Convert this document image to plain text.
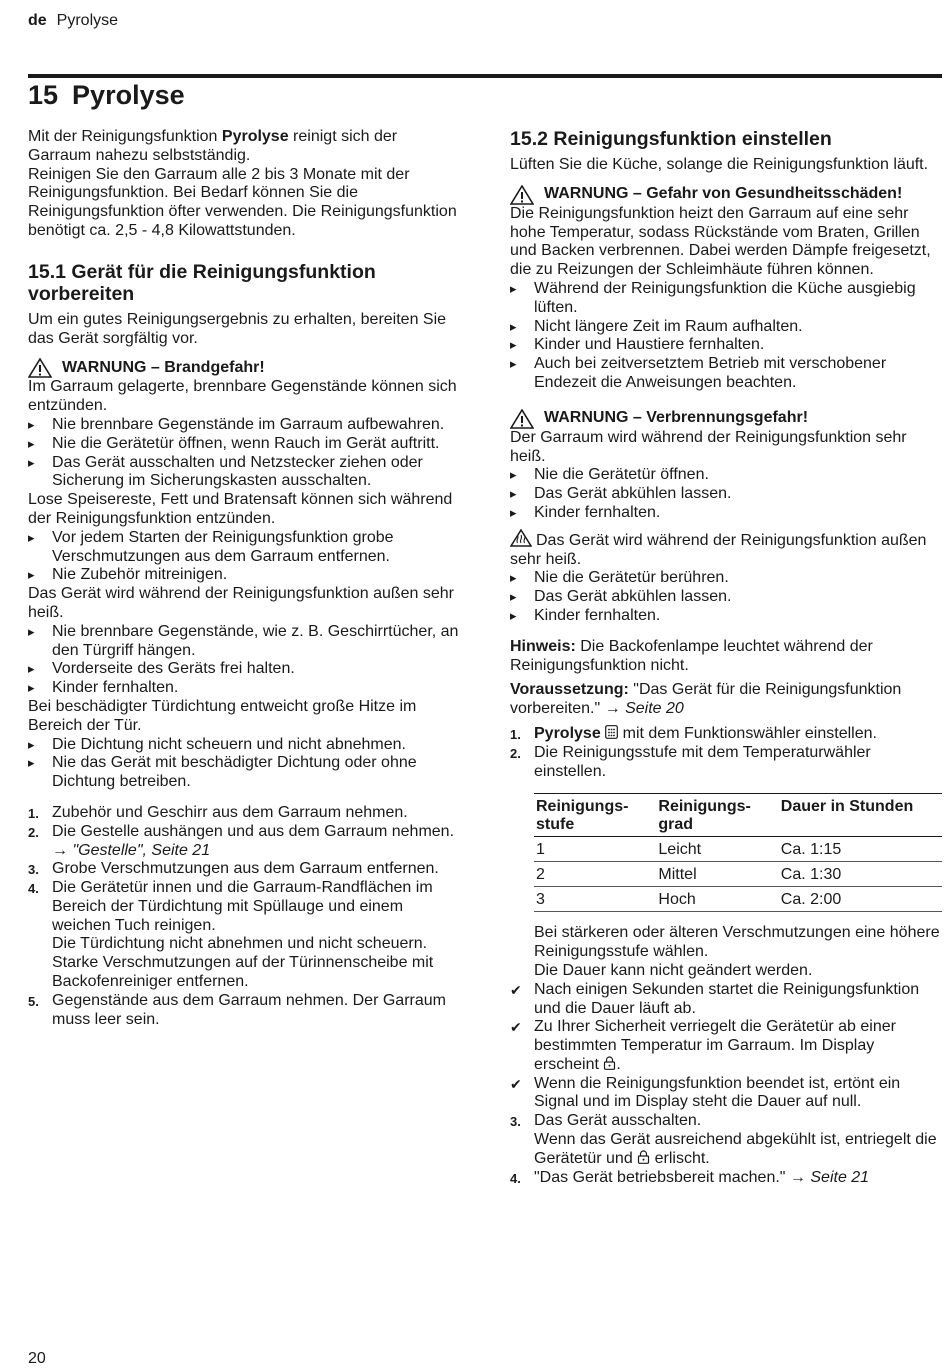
de Pyrolyse
15 Pyrolyse

Mit der Reinigungsfunktion Pyrolyse reinigt sich der Garraum nahezu selbstständig.

Reinigen Sie den Garraum alle 2 bis 3 Monate mit der Reinigungsfunktion. Bei Bedarf können Sie die Reinigungsfunktion öfter verwenden. Die Reinigungsfunktion benötigt ca. 2,5 - 4,8 Kilowattstunden.

15.1 Gerät für die Reinigungsfunktion vorbereiten

Um ein gutes Reinigungsergebnis zu erhalten, bereiten Sie das Gerät sorgfältig vor.

WARNUNG – Brandgefahr!

Im Garraum gelagerte, brennbare Gegenstände können sich entzünden.

▸ Nie brennbare Gegenstände im Garraum aufbewahren.
▸ Nie die Gerätetür öffnen, wenn Rauch im Gerät auftritt.
▸ Das Gerät ausschalten und Netzstecker ziehen oder Sicherung im Sicherungskasten ausschalten.

Lose Speisereste, Fett und Bratensaft können sich während der Reinigungsfunktion entzünden.

▸ Vor jedem Starten der Reinigungsfunktion grobe Verschmutzungen aus dem Garraum entfernen.
▸ Nie Zubehör mitreinigen.

Das Gerät wird während der Reinigungsfunktion außen sehr heiß.

▸ Nie brennbare Gegenstände, wie z. B. Geschirrtücher, an den Türgriff hängen.
▸ Vorderseite des Geräts frei halten.
▸ Kinder fernhalten.

Bei beschädigter Türdichtung entweicht große Hitze im Bereich der Tür.

▸ Die Dichtung nicht scheuern und nicht abnehmen.
▸ Nie das Gerät mit beschädigter Dichtung oder ohne Dichtung betreiben.
1. Zubehör und Geschirr aus dem Garraum nehmen.
2. Die Gestelle aushängen und aus dem Garraum nehmen.
→ "Gestelle", Seite 21
3. Grobe Verschmutzungen aus dem Garraum entfernen.
4. Die Gerätetür innen und die Garraum-Randflächen im Bereich der Türdichtung mit Spüllauge und einem weichen Tuch reinigen.
Die Türdichtung nicht abnehmen und nicht scheuern.
Starke Verschmutzungen auf der Türinnenscheibe mit Backofenreiniger entfernen.
5. Gegenstände aus dem Garraum nehmen. Der Garraum muss leer sein.
15.2 Reinigungsfunktion einstellen

Lüften Sie die Küche, solange die Reinigungsfunktion läuft.

WARNUNG – Gefahr von Gesundheitsschäden!

Die Reinigungsfunktion heizt den Garraum auf eine sehr hohe Temperatur, sodass Rückstände vom Braten, Grillen und Backen verbrennen. Dabei werden Dämpfe freigesetzt, die zu Reizungen der Schleimhäute führen können.

▸ Während der Reinigungsfunktion die Küche ausgiebig lüften.
▸ Nicht längere Zeit im Raum aufhalten.
▸ Kinder und Haustiere fernhalten.
▸ Auch bei zeitversetztem Betrieb mit verschobener Endezeit die Anweisungen beachten.
WARNUNG – Verbrennungsgefahr!

Der Garraum wird während der Reinigungsfunktion sehr heiß.

▸ Nie die Gerätetür öffnen.
▸ Das Gerät abkühlen lassen.
▸ Kinder fernhalten.

Das Gerät wird während der Reinigungsfunktion außen sehr heiß.

▸ Nie die Gerätetür berühren.
▸ Das Gerät abkühlen lassen.
▸ Kinder fernhalten.

Hinweis: Die Backofenlampe leuchtet während der Reinigungsfunktion nicht.

Voraussetzung: "Das Gerät für die Reinigungsfunktion vorbereiten." → Seite 20

1. Pyrolyse  mit dem Funktionswähler einstellen.
2. Die Reinigungsstufe mit dem Temperaturwähler einstellen.
Reinigungsstufe	Reinigungsgrad	Dauer in Stunden
1	Leicht	Ca. 1:15
2	Mittel	Ca. 1:30
3	Hoch	Ca. 2:00

Bei stärkeren oder älteren Verschmutzungen eine höhere Reinigungsstufe wählen.

Die Dauer kann nicht geändert werden.

✔ Nach einigen Sekunden startet die Reinigungsfunktion und die Dauer läuft ab.
✔ Zu Ihrer Sicherheit verriegelt die Gerätetür ab einer bestimmten Temperatur im Garraum. Im Display erscheint .
✔ Wenn die Reinigungsfunktion beendet ist, ertönt ein Signal und im Display steht die Dauer auf null.
3. Das Gerät ausschalten.
Wenn das Gerät ausreichend abgekühlt ist, entriegelt die Gerätetür und  erlischt.
4. "Das Gerät betriebsbereit machen." → Seite 21
20
